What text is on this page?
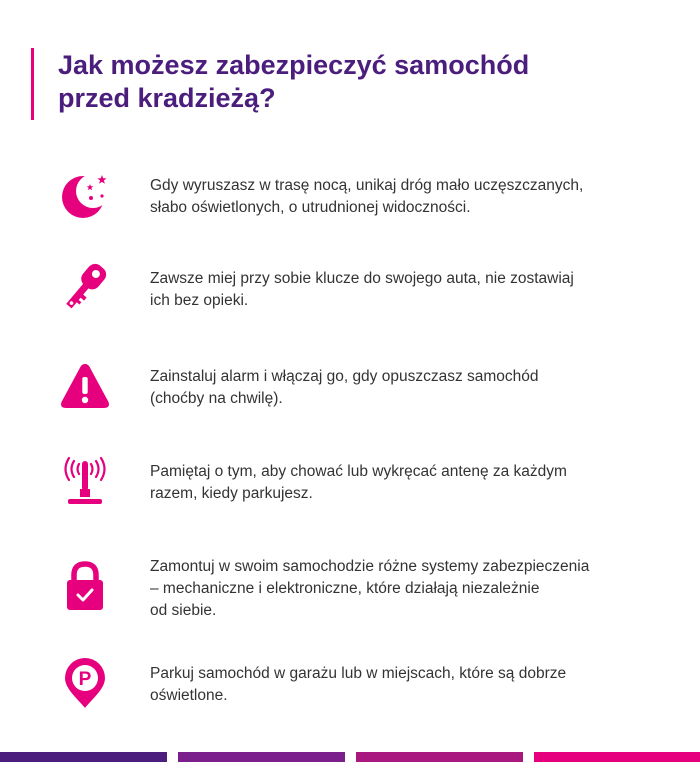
Jak możesz zabezpieczyć samochód
przed kradzieżą?
Gdy wyruszasz w trasę nocą, unikaj dróg mało uczęszczanych,
słabo oświetlonych, o utrudnionej widoczności.
Zawsze miej przy sobie klucze do swojego auta, nie zostawiaj
ich bez opieki.
Zainstaluj alarm i włączaj go, gdy opuszczasz samochód
(choćby na chwilę).
Pamiętaj o tym, aby chować lub wykręcać antenę za każdym
razem, kiedy parkujesz.
Zamontuj w swoim samochodzie różne systemy zabezpieczenia
– mechaniczne i elektroniczne, które działają niezależnie
od siebie.
P	Parkuj samochód w garażu lub w miejscach, które są dobrze
oświetlone.
